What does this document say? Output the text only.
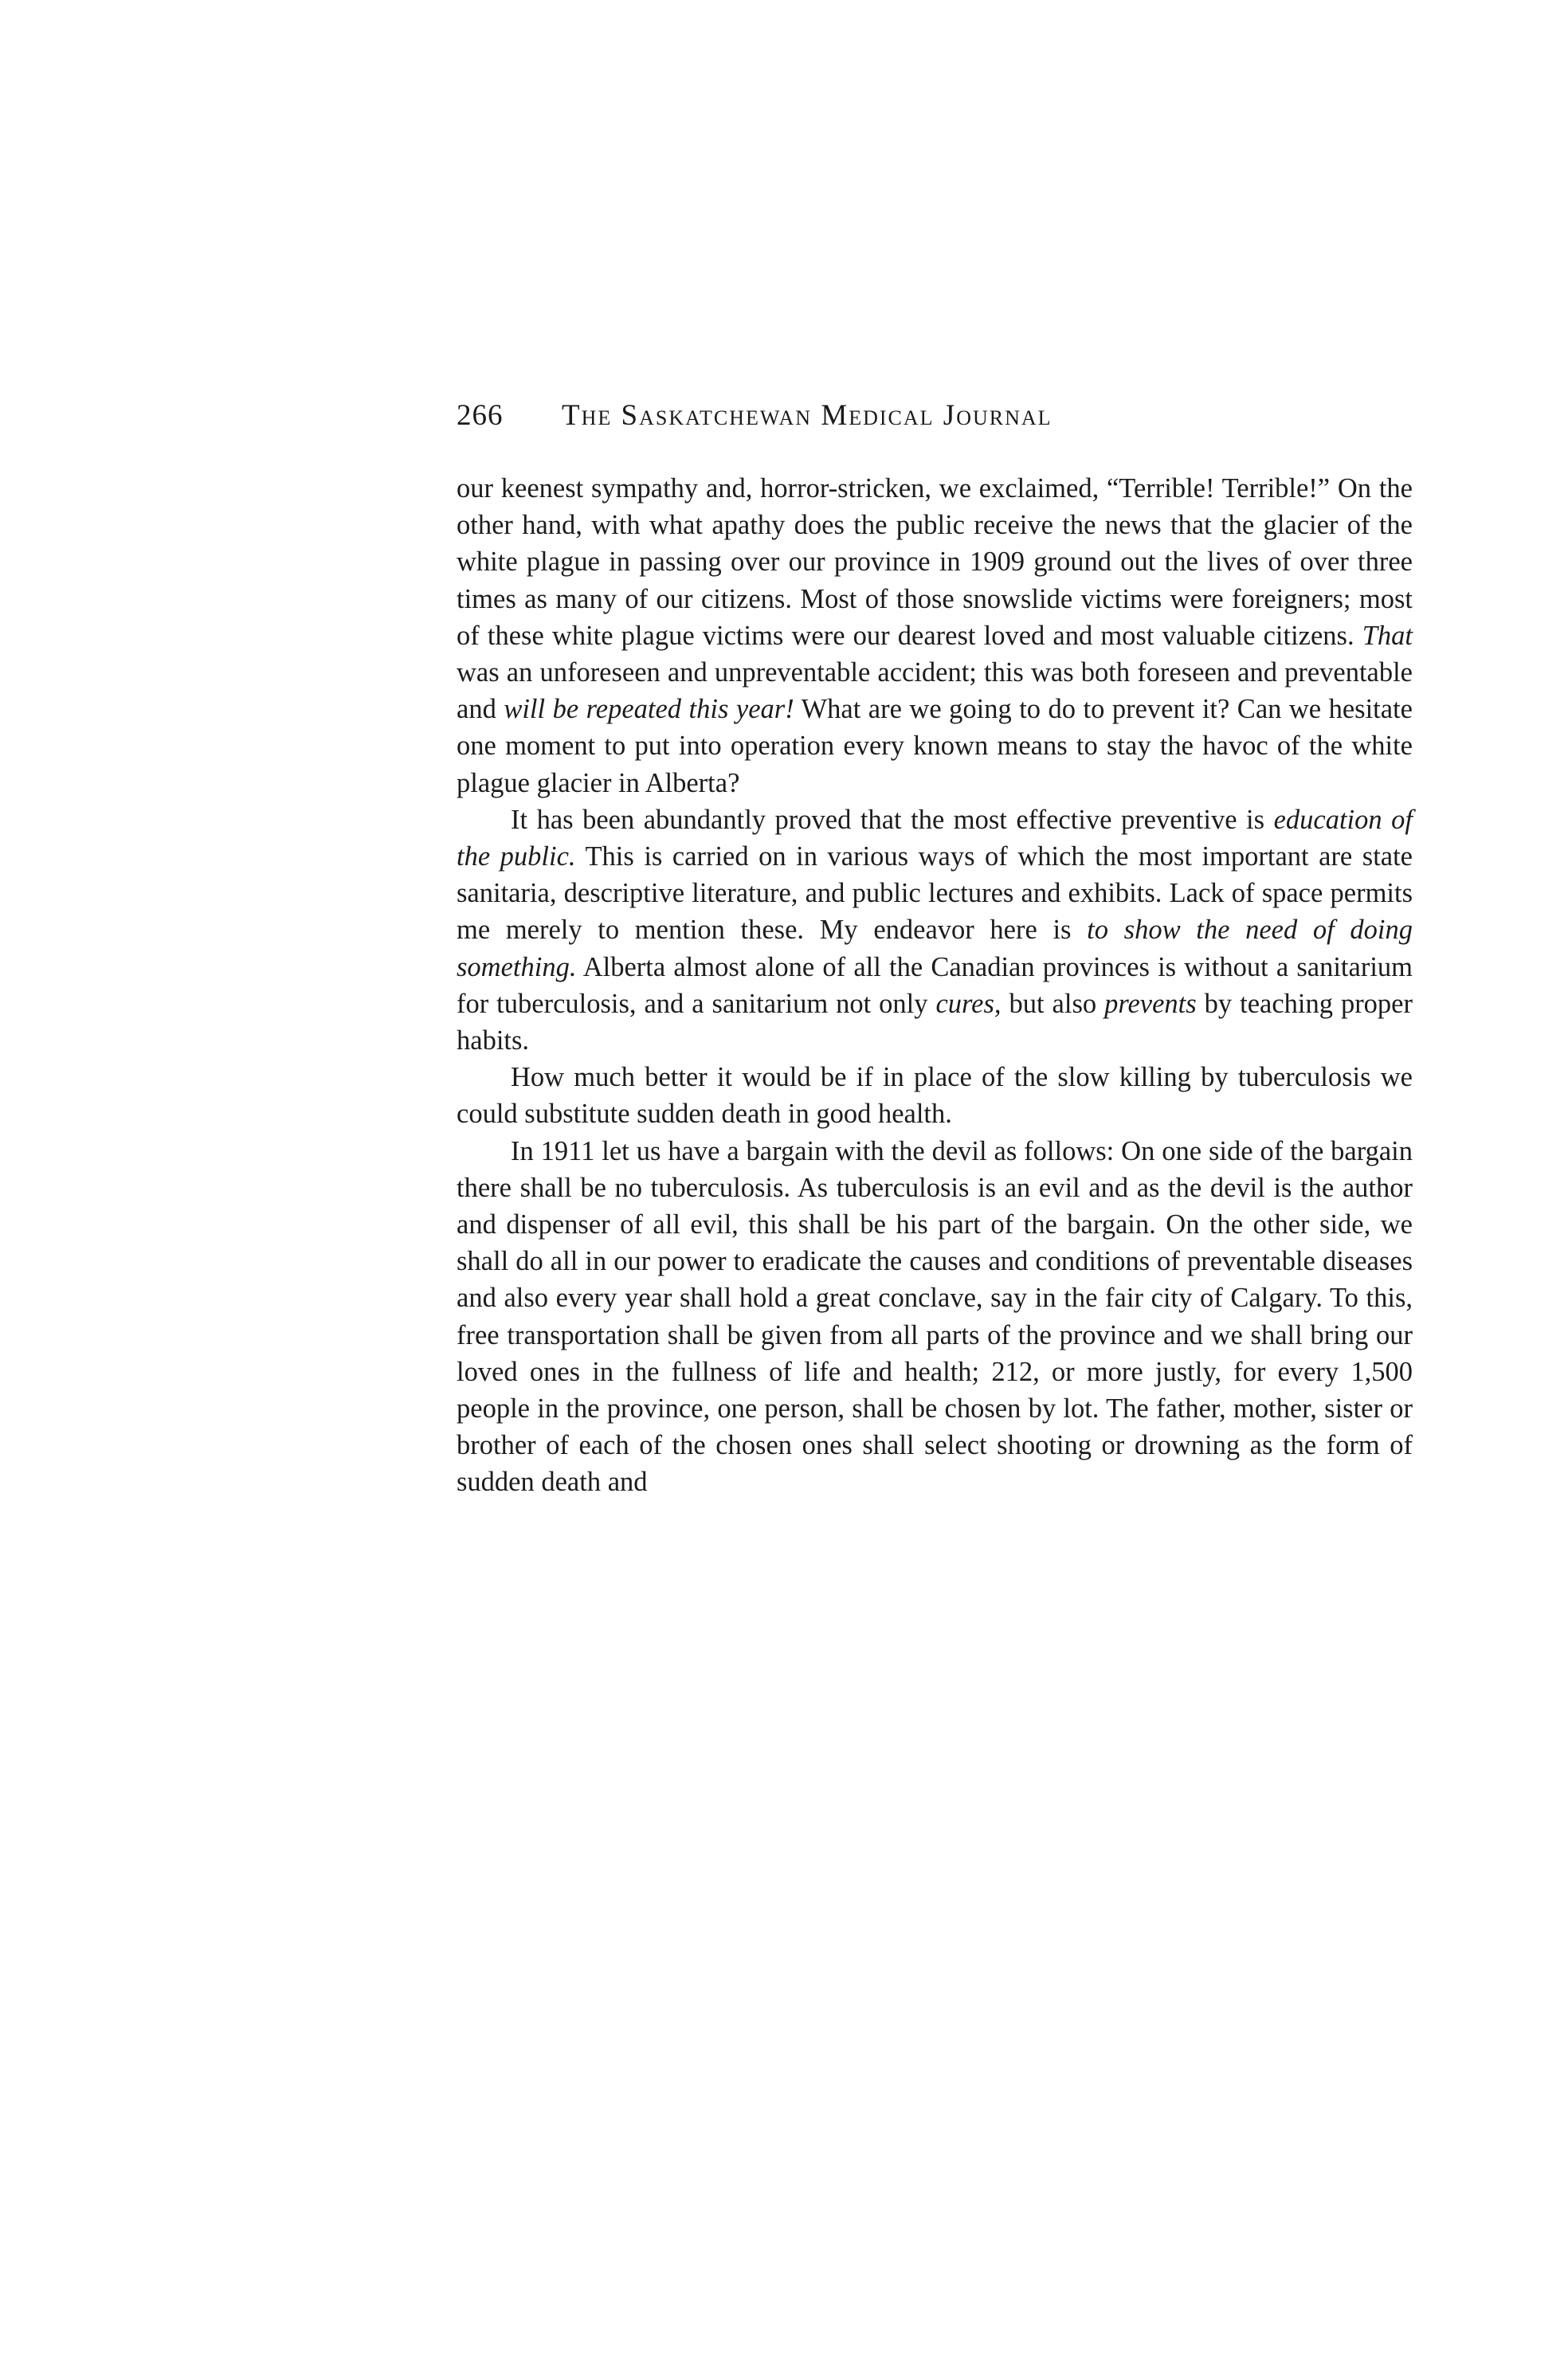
266 The Saskatchewan Medical Journal

our keenest sympathy and, horror-stricken, we exclaimed, “Terrible! Terrible!” On the other hand, with what apathy does the public receive the news that the glacier of the white plague in passing over our province in 1909 ground out the lives of over three times as many of our citizens. Most of those snowslide victims were foreigners; most of these white plague victims were our dearest loved and most valuable citizens. That was an unforeseen and unpreventable accident; this was both foreseen and preventable and will be repeated this year! What are we going to do to prevent it? Can we hesitate one moment to put into operation every known means to stay the havoc of the white plague glacier in Alberta?

It has been abundantly proved that the most effective preventive is education of the public. This is carried on in various ways of which the most important are state sanitaria, descriptive literature, and public lectures and exhibits. Lack of space permits me merely to mention these. My endeavor here is to show the need of doing something. Alberta almost alone of all the Canadian provinces is without a sanitarium for tuberculosis, and a sanitarium not only cures, but also prevents by teaching proper habits.

How much better it would be if in place of the slow killing by tuberculosis we could substitute sudden death in good health.

In 1911 let us have a bargain with the devil as follows: On one side of the bargain there shall be no tuberculosis. As tuberculosis is an evil and as the devil is the author and dispenser of all evil, this shall be his part of the bargain. On the other side, we shall do all in our power to eradicate the causes and conditions of preventable diseases and also every year shall hold a great conclave, say in the fair city of Calgary. To this, free transportation shall be given from all parts of the province and we shall bring our loved ones in the fullness of life and health; 212, or more justly, for every 1,500 people in the province, one person, shall be chosen by lot. The father, mother, sister or brother of each of the chosen ones shall select shooting or drowning as the form of sudden death and
